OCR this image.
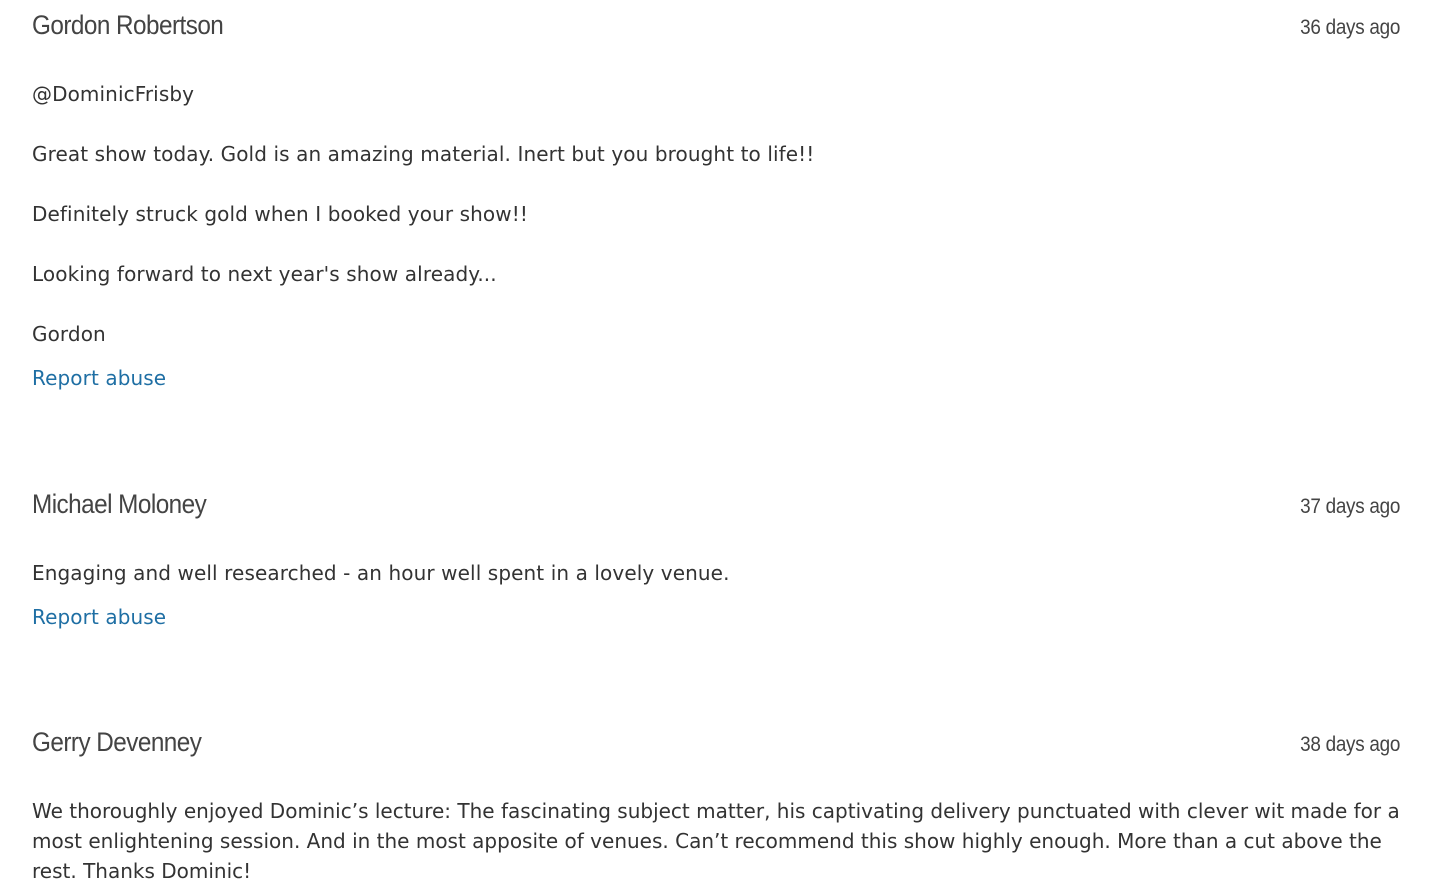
Gordon Robertson	36 days ago

@DominicFrisby

Great show today. Gold is an amazing material. Inert but you brought to life!!

Definitely struck gold when I booked your show!!

Looking forward to next year's show already...

Gordon

Report abuse
Michael Moloney	37 days ago

Engaging and well researched - an hour well spent in a lovely venue.

Report abuse
Gerry Devenney	38 days ago

We thoroughly enjoyed Dominic’s lecture: The fascinating subject matter, his captivating delivery punctuated with clever wit made for a most enlightening session. And in the most apposite of venues. Can’t recommend this show highly enough. More than a cut above the rest. Thanks Dominic!
